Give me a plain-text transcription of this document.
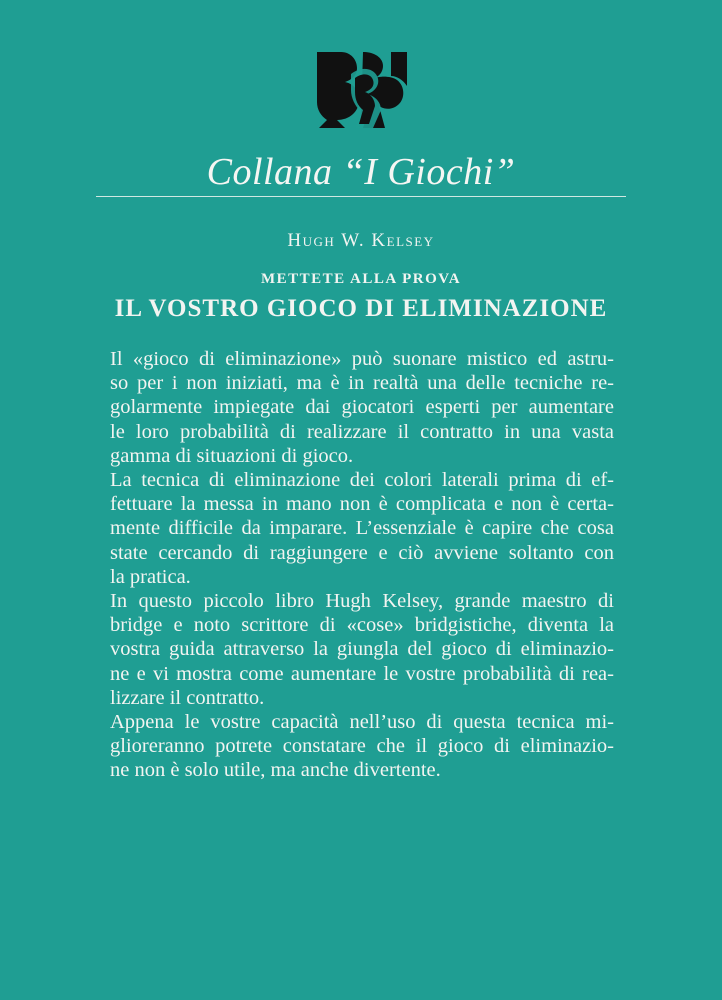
Collana “I Giochi”
Hugh W. Kelsey
METTETE ALLA PROVA
IL VOSTRO GIOCO DI ELIMINAZIONE
Il «gioco di eliminazione» può suonare mistico ed astru-
so per i non iniziati, ma è in realtà una delle tecniche re-
golarmente impiegate dai giocatori esperti per aumentare
le loro probabilità di realizzare il contratto in una vasta
gamma di situazioni di gioco.
La tecnica di eliminazione dei colori laterali prima di ef-
fettuare la messa in mano non è complicata e non è certa-
mente difficile da imparare. L’essenziale è capire che cosa
state cercando di raggiungere e ciò avviene soltanto con
la pratica.
In questo piccolo libro Hugh Kelsey, grande maestro di
bridge e noto scrittore di «cose» bridgistiche, diventa la
vostra guida attraverso la giungla del gioco di eliminazio-
ne e vi mostra come aumentare le vostre probabilità di rea-
lizzare il contratto.
Appena le vostre capacità nell’uso di questa tecnica mi-
glioreranno potrete constatare che il gioco di eliminazio-
ne non è solo utile, ma anche divertente.
